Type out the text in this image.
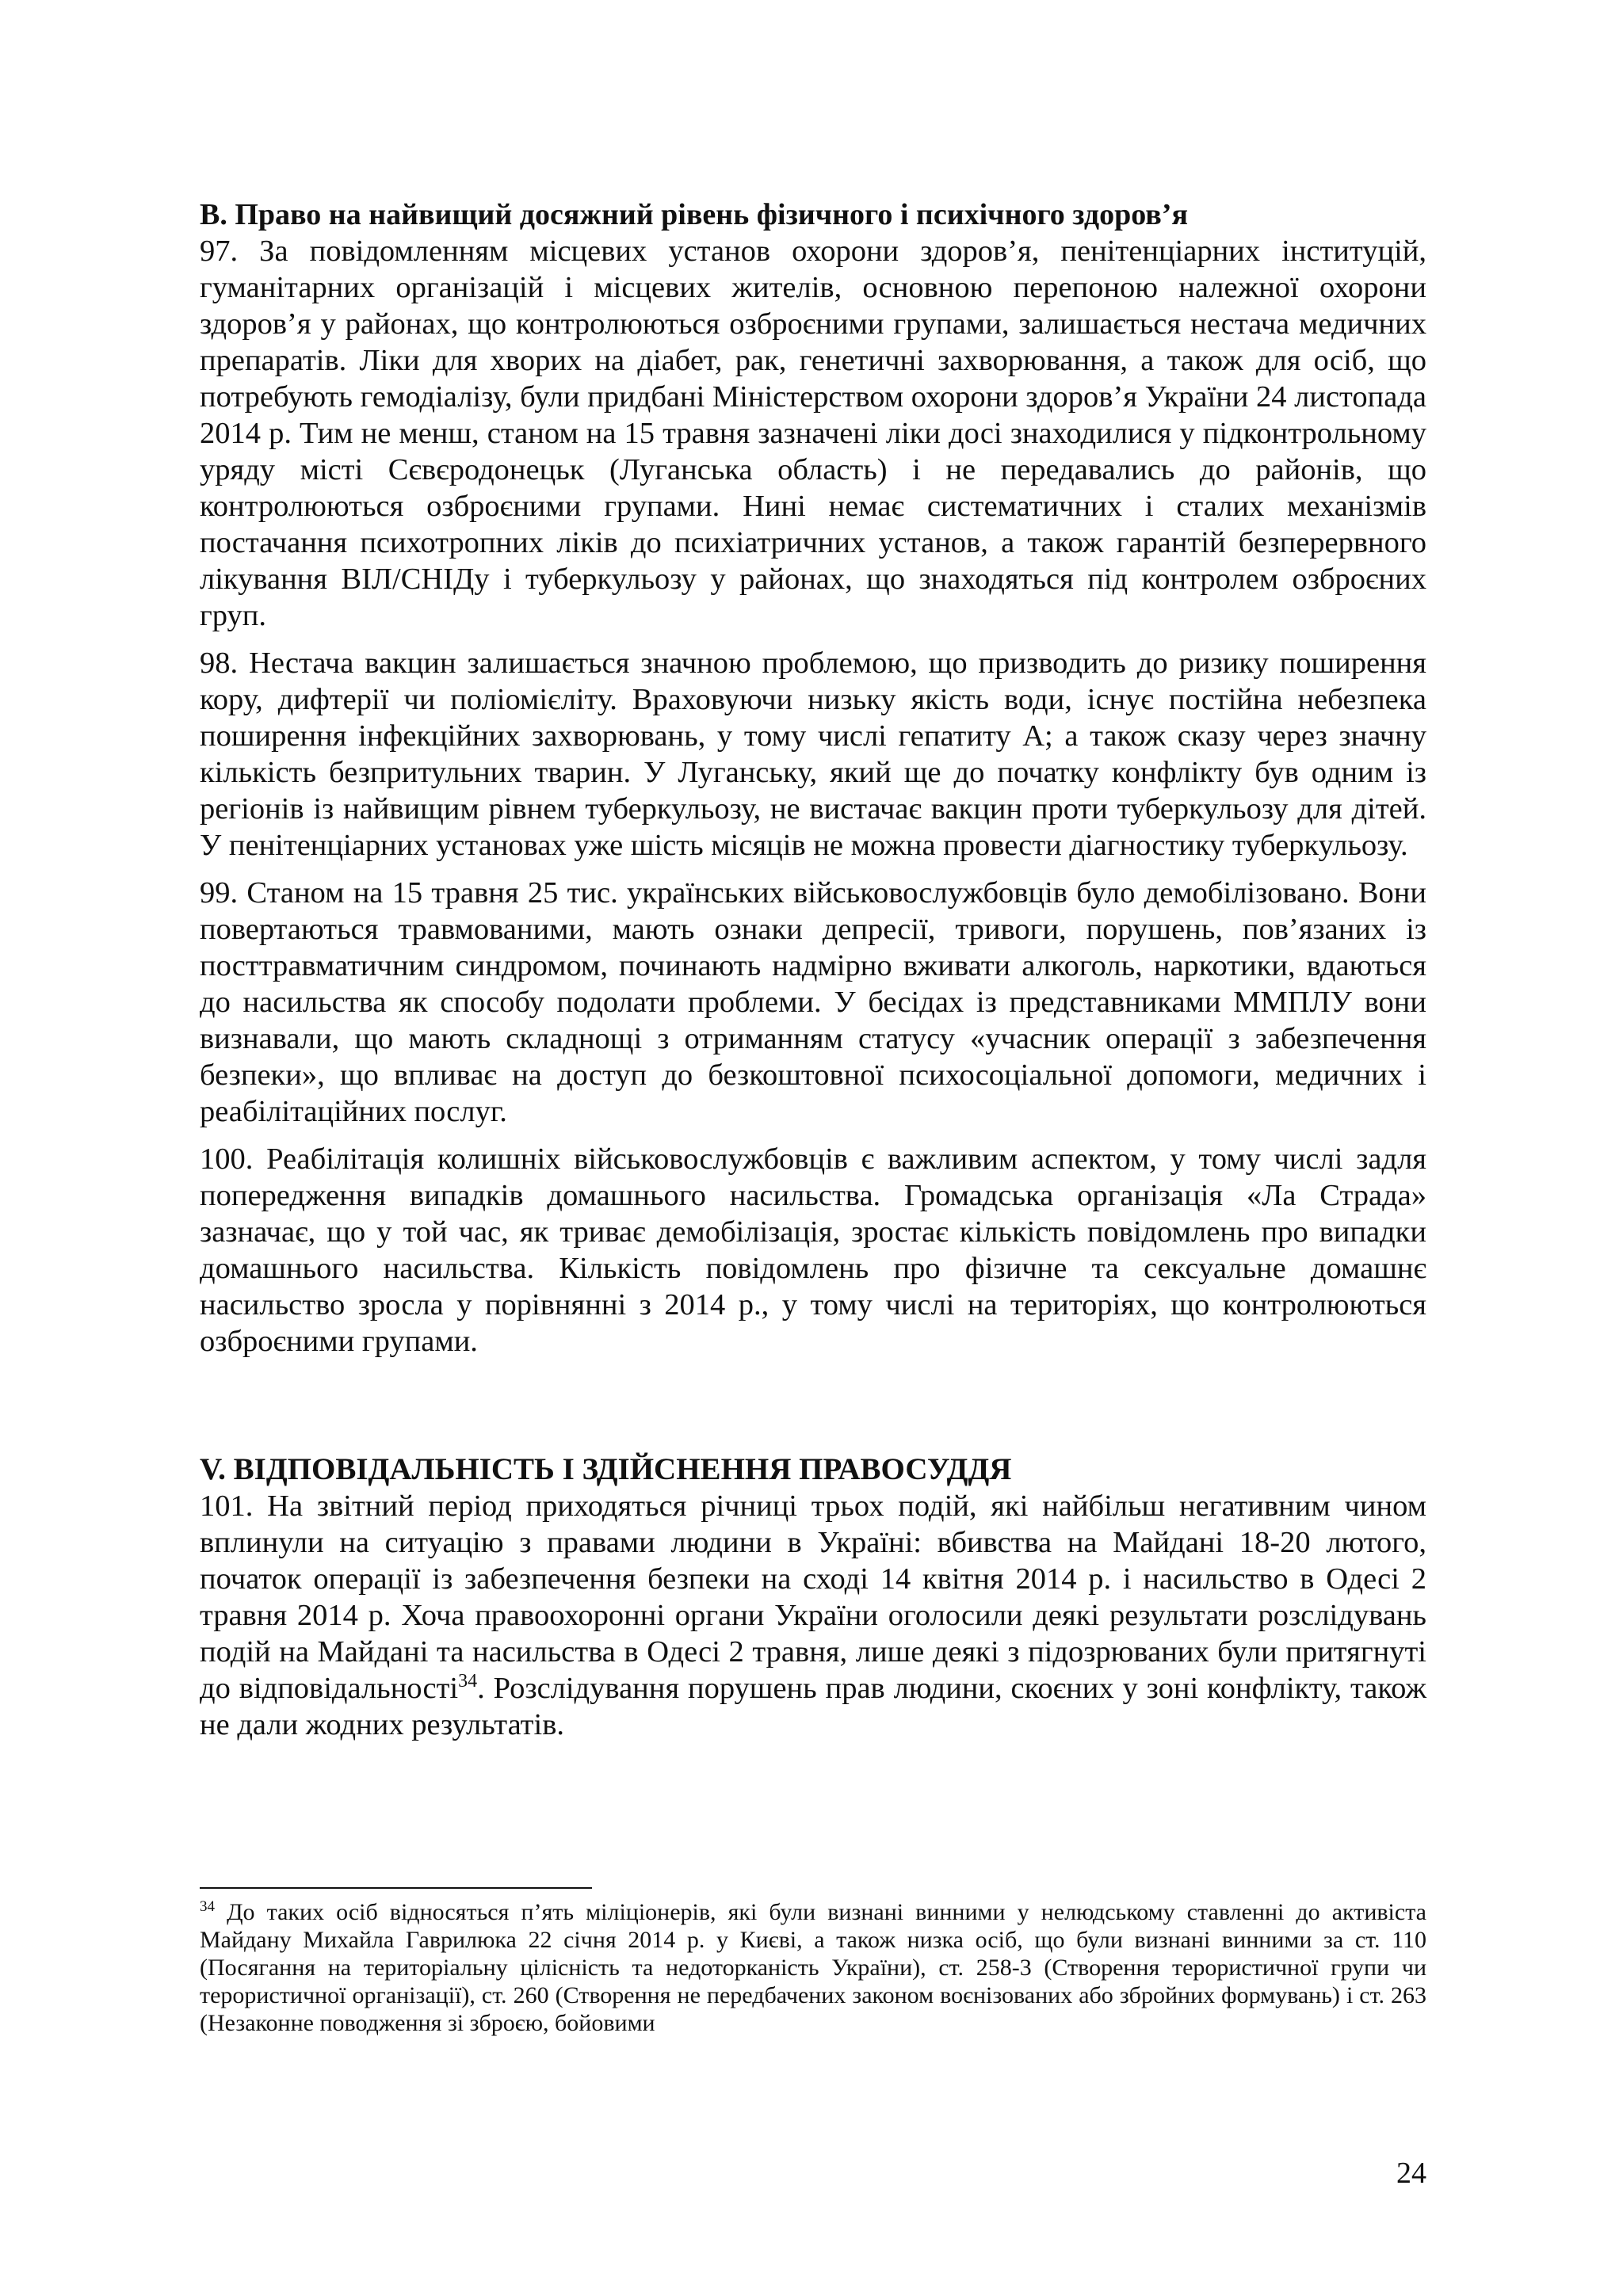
В. Право на найвищий досяжний рівень фізичного і психічного здоров’я

97. За повідомленням місцевих установ охорони здоров’я, пенітенціарних інституцій, гуманітарних організацій і місцевих жителів, основною перепоною належної охорони здоров’я у районах, що контролюються озброєними групами, залишається нестача медичних препаратів. Ліки для хворих на діабет, рак, генетичні захворювання, а також для осіб, що потребують гемодіалізу, були придбані Міністерством охорони здоров’я України 24 листопада 2014 р. Тим не менш, станом на 15 травня зазначені ліки досі знаходилися у підконтрольному уряду місті Сєвєродонецьк (Луганська область) і не передавались до районів, що контролюються озброєними групами. Нині немає систематичних і сталих механізмів постачання психотропних ліків до психіатричних установ, а також гарантій безперервного лікування ВІЛ/СНІДу і туберкульозу у районах, що знаходяться під контролем озброєних груп.

98. Нестача вакцин залишається значною проблемою, що призводить до ризику поширення кору, дифтерії чи поліомієліту. Враховуючи низьку якість води, існує постійна небезпека поширення інфекційних захворювань, у тому числі гепатиту А; а також сказу через значну кількість безпритульних тварин. У Луганську, який ще до початку конфлікту був одним із регіонів із найвищим рівнем туберкульозу, не вистачає вакцин проти туберкульозу для дітей. У пенітенціарних установах уже шість місяців не можна провести діагностику туберкульозу.

99. Станом на 15 травня 25 тис. українських військовослужбовців було демобілізовано. Вони повертаються травмованими, мають ознаки депресії, тривоги, порушень, пов’язаних із посттравматичним синдромом, починають надмірно вживати алкоголь, наркотики, вдаються до насильства як способу подолати проблеми. У бесідах із представниками ММПЛУ вони визнавали, що мають складнощі з отриманням статусу «учасник операції з забезпечення безпеки», що впливає на доступ до безкоштовної психосоціальної допомоги, медичних і реабілітаційних послуг.

100. Реабілітація колишніх військовослужбовців є важливим аспектом, у тому числі задля попередження випадків домашнього насильства. Громадська організація «Ла Страда» зазначає, що у той час, як триває демобілізація, зростає кількість повідомлень про випадки домашнього насильства. Кількість повідомлень про фізичне та сексуальне домашнє насильство зросла у порівнянні з 2014 р., у тому числі на територіях, що контролюються озброєними групами.

V. ВІДПОВІДАЛЬНІСТЬ І ЗДІЙСНЕННЯ ПРАВОСУДДЯ

101. На звітний період приходяться річниці трьох подій, які найбільш негативним чином вплинули на ситуацію з правами людини в Україні: вбивства на Майдані 18-20 лютого, початок операції із забезпечення безпеки на сході 14 квітня 2014 р. і насильство в Одесі 2 травня 2014 р. Хоча правоохоронні органи України оголосили деякі результати розслідувань подій на Майдані та насильства в Одесі 2 травня, лише деякі з підозрюваних були притягнуті до відповідальності$^{34}$. Розслідування порушень прав людини, скоєних у зоні конфлікту, також не дали жодних результатів.

$^{34}$ До таких осіб відносяться п’ять міліціонерів, які були визнані винними у нелюдському ставленні до активіста Майдану Михайла Гаврилюка 22 січня 2014 р. у Києві, а також низка осіб, що були визнані винними за ст. 110 (Посягання на територіальну цілісність та недоторканість України), ст. 258-3 (Створення терористичної групи чи терористичної організації), ст. 260 (Створення не передбачених законом воєнізованих або збройних формувань) і ст. 263 (Незаконне поводження зі зброєю, бойовими

24
